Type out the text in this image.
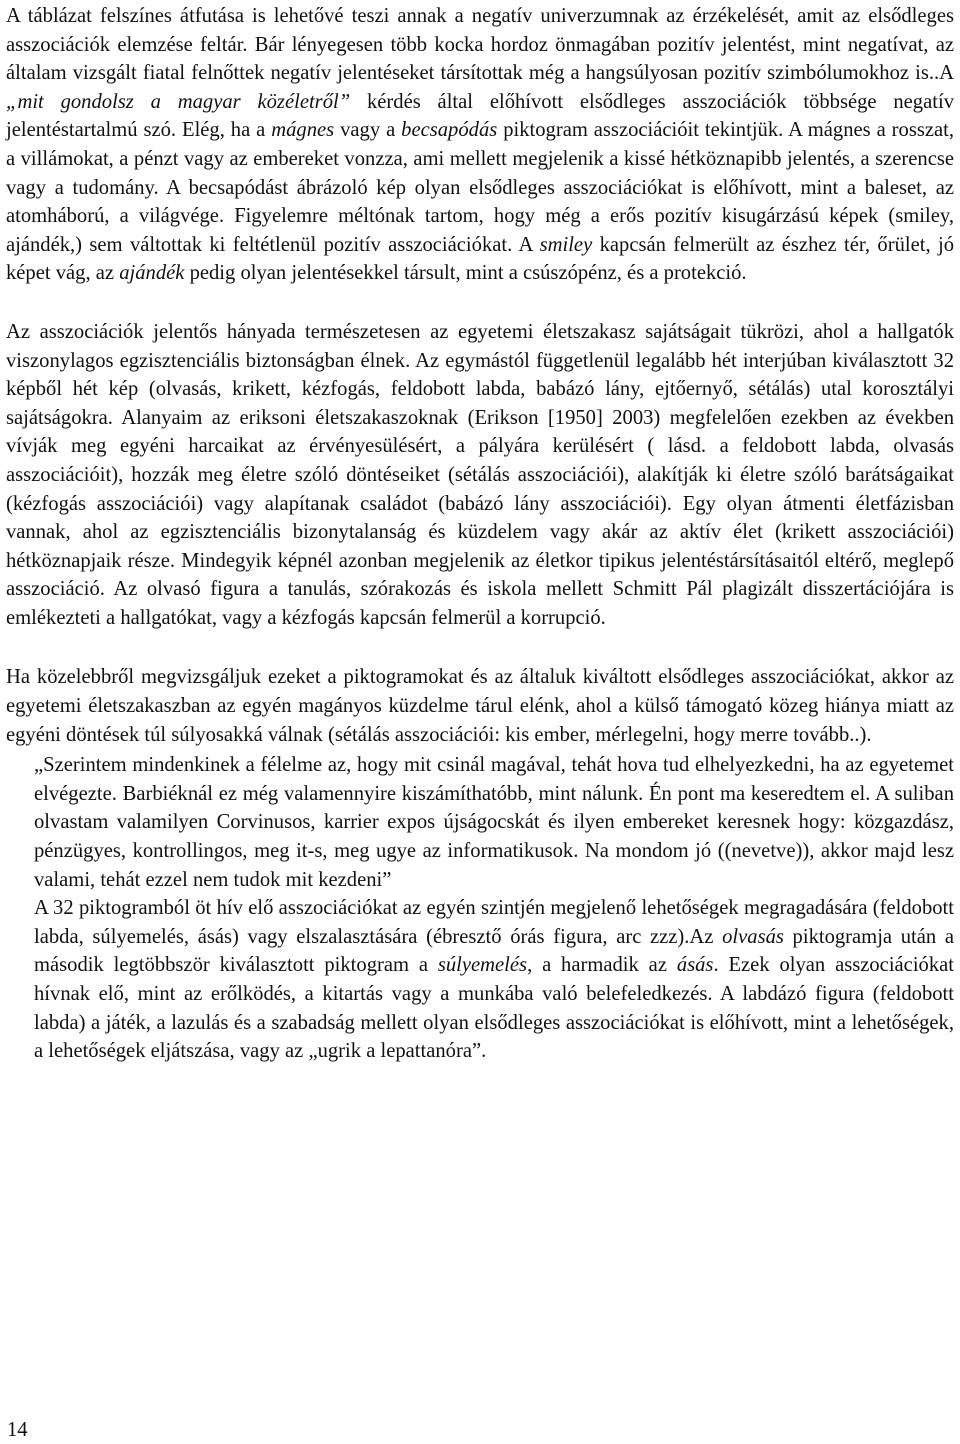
A táblázat felszínes átfutása is lehetővé teszi annak a negatív univerzumnak az érzékelését, amit az elsődleges asszociációk elemzése feltár. Bár lényegesen több kocka hordoz önmagában pozitív jelentést, mint negatívat, az általam vizsgált fiatal felnőttek negatív jelentéseket társítottak még a hangsúlyosan pozitív szimbólumokhoz is..A „mit gondolsz a magyar közéletről” kérdés által előhívott elsődleges asszociációk többsége negatív jelentéstartalmú szó. Elég, ha a mágnes vagy a becsapódás piktogram asszociációit tekintjük. A mágnes a rosszat, a villámokat, a pénzt vagy az embereket vonzza, ami mellett megjelenik a kissé hétköznapibb jelentés, a szerencse vagy a tudomány. A becsapódást ábrázoló kép olyan elsődleges asszociációkat is előhívott, mint a baleset, az atomháború, a világvége. Figyelemre méltónak tartom, hogy még a erős pozitív kisugárzású képek (smiley, ajándék,) sem váltottak ki feltétlenül pozitív asszociációkat. A smiley kapcsán felmerült az észhez tér, őrület, jó képet vág, az ajándék pedig olyan jelentésekkel társult, mint a csúszópénz, és a protekció.

Az asszociációk jelentős hányada természetesen az egyetemi életszakasz sajátságait tükrözi, ahol a hallgatók viszonylagos egzisztenciális biztonságban élnek. Az egymástól függetlenül legalább hét interjúban kiválasztott 32 képből hét kép (olvasás, krikett, kézfogás, feldobott labda, babázó lány, ejtőernyő, sétálás) utal korosztályi sajátságokra. Alanyaim az eriksoni életszakaszoknak (Erikson [1950] 2003) megfelelően ezekben az években vívják meg egyéni harcaikat az érvényesülésért, a pályára kerülésért ( lásd. a feldobott labda, olvasás asszociációit), hozzák meg életre szóló döntéseiket (sétálás asszociációi), alakítják ki életre szóló barátságaikat (kézfogás asszociációi) vagy alapítanak családot (babázó lány asszociációi). Egy olyan átmenti életfázisban vannak, ahol az egzisztenciális bizonytalanság és küzdelem vagy akár az aktív élet (krikett asszociációi) hétköznapjaik része. Mindegyik képnél azonban megjelenik az életkor tipikus jelentéstársításaitól eltérő, meglepő asszociáció. Az olvasó figura a tanulás, szórakozás és iskola mellett Schmitt Pál plagizált disszertációjára is emlékezteti a hallgatókat, vagy a kézfogás kapcsán felmerül a korrupció.

Ha közelebbről megvizsgáljuk ezeket a piktogramokat és az általuk kiváltott elsődleges asszociációkat, akkor az egyetemi életszakaszban az egyén magányos küzdelme tárul elénk, ahol a külső támogató közeg hiánya miatt az egyéni döntések túl súlyosakká válnak (sétálás asszociációi: kis ember, mérlegelni, hogy merre tovább..).

„Szerintem mindenkinek a félelme az, hogy mit csinál magával, tehát hova tud elhelyezkedni, ha az egyetemet elvégezte. Barbiéknál ez még valamennyire kiszámíthatóbb, mint nálunk. Én pont ma keseredtem el. A suliban olvastam valamilyen Corvinusos, karrier expos újságocskát és ilyen embereket keresnek hogy: közgazdász, pénzügyes, kontrollingos, meg it-s, meg ugye az informatikusok. Na mondom jó ((nevetve)), akkor majd lesz valami, tehát ezzel nem tudok mit kezdeni”
A 32 piktogramból öt hív elő asszociációkat az egyén szintjén megjelenő lehetőségek megragadására (feldobott labda, súlyemelés, ásás) vagy elszalasztására (ébresztő órás figura, arc zzz).Az olvasás piktogramja után a második legtöbbször kiválasztott piktogram a súlyemelés, a harmadik az ásás. Ezek olyan asszociációkat hívnak elő, mint az erőlködés, a kitartás vagy a munkába való belefeledkezés. A labdázó figura (feldobott labda) a játék, a lazulás és a szabadság mellett olyan elsődleges asszociációkat is előhívott, mint a lehetőségek, a lehetőségek eljátszása, vagy az „ugrik a lepattanóra”.
14
